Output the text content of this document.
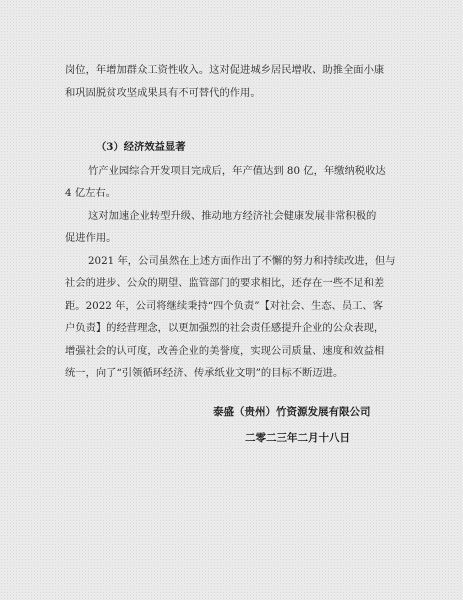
岗位，年增加群众工资性收入。这对促进城乡居民增收、助推全面小康
和巩固脱贫攻坚成果具有不可替代的作用。
（3）经济效益显著
竹产业园综合开发项目完成后，年产值达到 80 亿，年缴纳税收达
4 亿左右。
这对加速企业转型升级、推动地方经济社会健康发展非常积极的
促进作用。
2021 年，公司虽然在上述方面作出了不懈的努力和持续改进，但与
社会的进步、公众的期望、监管部门的要求相比，还存在一些不足和差
距。2022 年，公司将继续秉持“四个负责”【对社会、生态、员工、客
户负责】的经营理念，以更加强烈的社会责任感提升企业的公众表现，
增强社会的认可度，改善企业的美誉度，实现公司质量、速度和效益相
统一，向了“引领循环经济、传承纸业文明”的目标不断迈进。
泰盛（贵州）竹资源发展有限公司
二零二三年二月十八日
